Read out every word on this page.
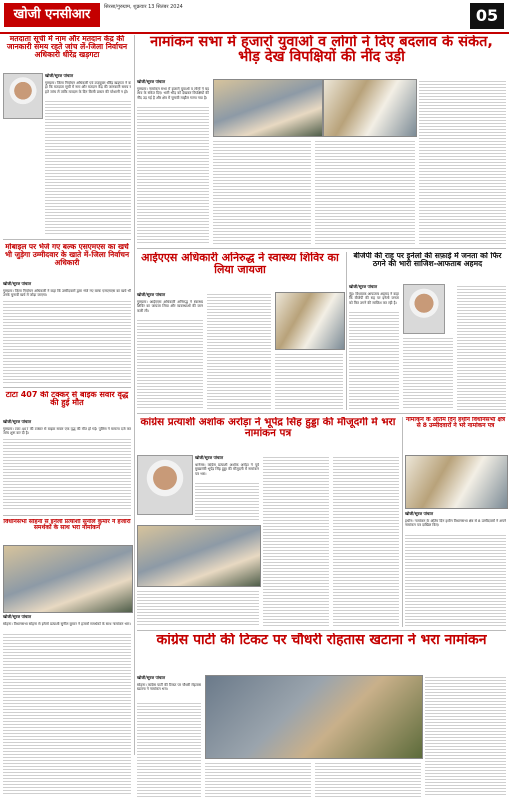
खोजी एनसीआर	सिरसा/गुरुग्राम, शुक्रवार 13 सितंबर 2024	05
मतदाता सूची में नाम और मतदान केंद्र की जानकारी समय रहते जांच लें-जिला निर्वाचन अधिकारी धीरेंद्र खड़गटा
खोजी/सूरज पांचाल
गुरुग्राम। जिला निर्वाचन अधिकारी एवं उपायुक्त धीरेंद्र खड़गटा ने कहा कि मतदाता सूची में नाम और मतदान केंद्र की जानकारी समय रहते जांच लें ताकि मतदान के दिन किसी प्रकार की परेशानी न हो।
मोबाइल पर भेजे गए बल्क एसएमएस का खर्च भी जुड़ेगा उम्मीदवार के खाते में-जिला निर्वाचन अधिकारी
खोजी/सूरज पांचाल
गुरुग्राम। जिला निर्वाचन अधिकारी ने कहा कि उम्मीदवारों द्वारा भेजे गए बल्क एसएमएस का खर्च भी उनके चुनावी खर्च में जोड़ा जाएगा।
टाटा 407 की टक्कर से बाइक सवार वृद्ध की हुई मौत
खोजी/सूरज पांचाल
गुरुग्राम। टाटा 407 की टक्कर से बाइक सवार एक वृद्ध की मौत हो गई। पुलिस ने मामला दर्ज कर जांच शुरू कर दी है।
विधानसभा सोहना से इनेलो प्रत्याशी सुनील कुमार ने हजारों समर्थकों के साथ भरा नामांकन
खोजी/सूरज पांचाल
सोहना। विधानसभा सोहना से इनेलो प्रत्याशी सुनील कुमार ने हजारों समर्थकों के साथ नामांकन भरा।
नामांकन सभा में हजारों युवाओं व लोगों ने दिए बदलाव के संकेत, भीड़ देख विपक्षियों की नींद उड़ी
खोजी/सूरज पांचाल
गुरुग्राम। नामांकन सभा में हजारों युवाओं व लोगों ने बदलाव के संकेत दिए। भारी भीड़ को देखकर विपक्षियों की नींद उड़ गई है और क्षेत्र में चुनावी माहौल गरमा गया है।
आईएएस अधिकारी अनिरुद्ध ने स्वास्थ्य शिविर का लिया जायजा
खोजी/सूरज पांचाल
गुरुग्राम। आईएएस अधिकारी अनिरुद्ध ने स्वास्थ्य शिविर का जायजा लिया और व्यवस्थाओं की जानकारी ली।
बीजेपी की राह पर इनेलो की सफ़ाई में जनता को फिर ठगने की भारी साजिश-आफताब अहमद
खोजी/सूरज पांचाल
नूंह। विधायक आफताब अहमद ने कहा कि बीजेपी की राह पर इनेलो जनता को फिर ठगने की साजिश कर रही है।
कांग्रेस प्रत्याशी अशोक अरोड़ा ने भूपेंद्र सिंह हुड्डा की मौजूदगी में भरा नामांकन पत्र
खोजी/सूरज पांचाल
थानेसर। कांग्रेस प्रत्याशी अशोक अरोड़ा ने पूर्व मुख्यमंत्री भूपेंद्र सिंह हुड्डा की मौजूदगी में नामांकन पत्र भरा।
नामांकन के अंतिम दिन हथीन विधानसभा क्षेत्र से 8 उम्मीदवारों ने भरे नामांकन पत्र
खोजी/सूरज पांचाल
हथीन। नामांकन के अंतिम दिन हथीन विधानसभा क्षेत्र से 8 उम्मीदवारों ने अपने नामांकन पत्र दाखिल किए।
कांग्रेस पार्टी की टिकट पर चौधरी रोहतास खटाना ने भरा नामांकन
खोजी/सूरज पांचाल
सोहना। कांग्रेस पार्टी की टिकट पर चौधरी रोहतास खटाना ने नामांकन भरा।
